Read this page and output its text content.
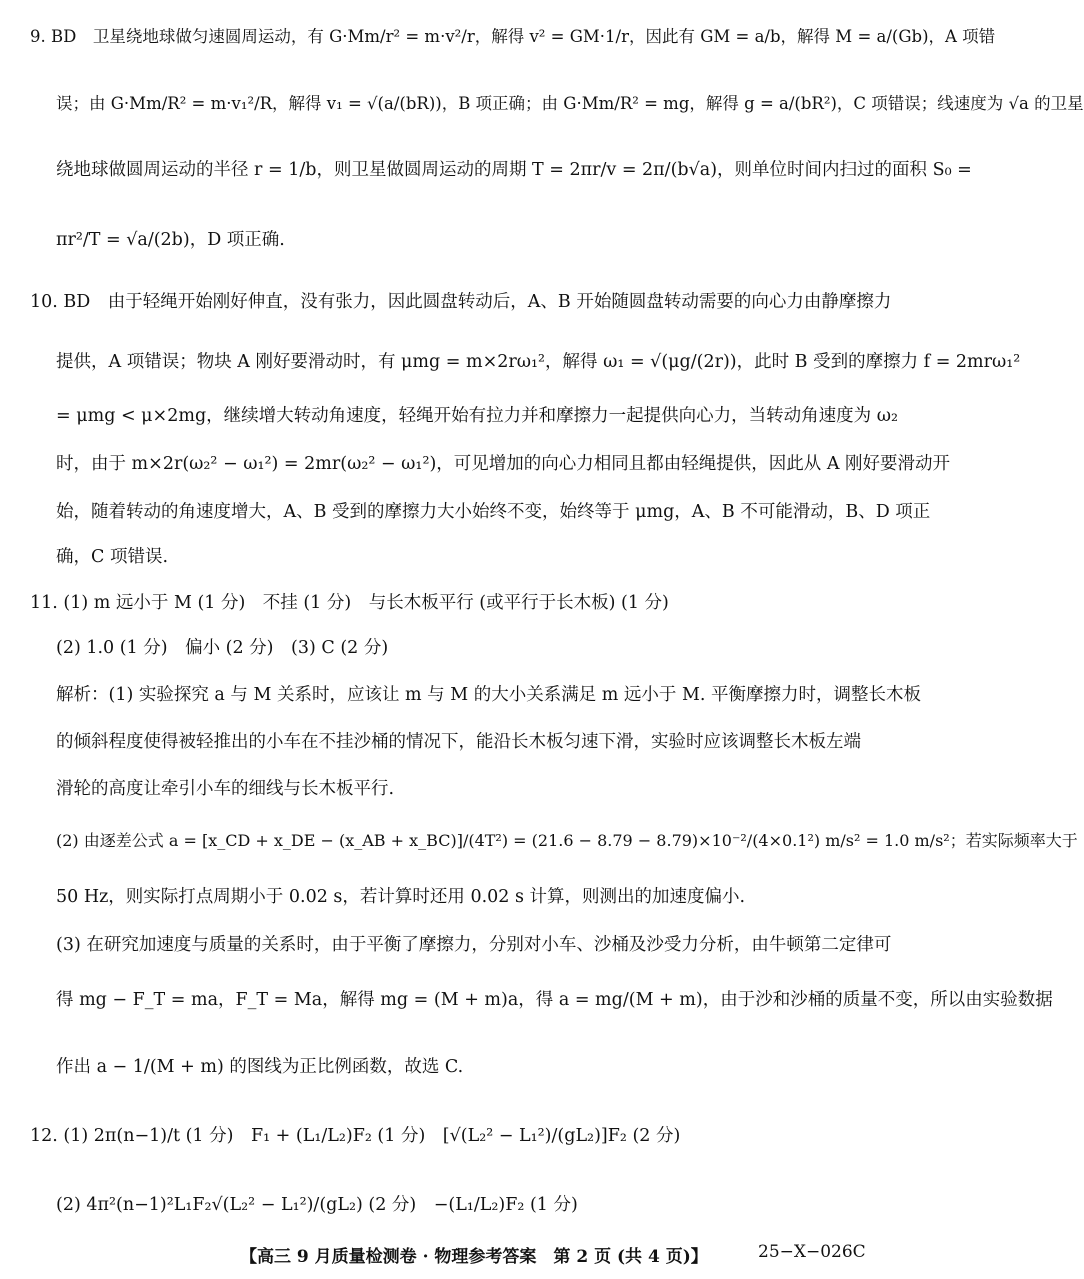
9. BD　卫星绕地球做匀速圆周运动，有 G·Mm/r² = m·v²/r，解得 v² = GM·1/r，因此有 GM = a/b，解得 M = a/(Gb)，A 项错
误；由 G·Mm/R² = m·v₁²/R，解得 v₁ = √(a/(bR))，B 项正确；由 G·Mm/R² = mg，解得 g = a/(bR²)，C 项错误；线速度为 √a 的卫星
绕地球做圆周运动的半径 r = 1/b，则卫星做圆周运动的周期 T = 2πr/v = 2π/(b√a)，则单位时间内扫过的面积 S₀ =
πr²/T = √a/(2b)，D 项正确.
10. BD　由于轻绳开始刚好伸直，没有张力，因此圆盘转动后，A、B 开始随圆盘转动需要的向心力由静摩擦力
提供，A 项错误；物块 A 刚好要滑动时，有 μmg = m×2rω₁²，解得 ω₁ = √(μg/(2r))，此时 B 受到的摩擦力 f = 2mrω₁²
= μmg < μ×2mg，继续增大转动角速度，轻绳开始有拉力并和摩擦力一起提供向心力，当转动角速度为 ω₂
时，由于 m×2r(ω₂² − ω₁²) = 2mr(ω₂² − ω₁²)，可见增加的向心力相同且都由轻绳提供，因此从 A 刚好要滑动开
始，随着转动的角速度增大，A、B 受到的摩擦力大小始终不变，始终等于 μmg，A、B 不可能滑动，B、D 项正
确，C 项错误.
11. (1) m 远小于 M (1 分)　不挂 (1 分)　与长木板平行 (或平行于长木板) (1 分)
(2) 1.0 (1 分)　偏小 (2 分)　(3) C (2 分)
解析：(1) 实验探究 a 与 M 关系时，应该让 m 与 M 的大小关系满足 m 远小于 M. 平衡摩擦力时，调整长木板
的倾斜程度使得被轻推出的小车在不挂沙桶的情况下，能沿长木板匀速下滑，实验时应该调整长木板左端
滑轮的高度让牵引小车的细线与长木板平行.
(2) 由逐差公式 a = [x_CD + x_DE − (x_AB + x_BC)]/(4T²) = (21.6 − 8.79 − 8.79)×10⁻²/(4×0.1²) m/s² = 1.0 m/s²；若实际频率大于
50 Hz，则实际打点周期小于 0.02 s，若计算时还用 0.02 s 计算，则测出的加速度偏小.
(3) 在研究加速度与质量的关系时，由于平衡了摩擦力，分别对小车、沙桶及沙受力分析，由牛顿第二定律可
得 mg − F_T = ma，F_T = Ma，解得 mg = (M + m)a，得 a = mg/(M + m)，由于沙和沙桶的质量不变，所以由实验数据
作出 a − 1/(M + m) 的图线为正比例函数，故选 C.
12. (1) 2π(n−1)/t (1 分)　F₁ + (L₁/L₂)F₂ (1 分)　[√(L₂² − L₁²)/(gL₂)]F₂ (2 分)
(2) 4π²(n−1)²L₁F₂√(L₂² − L₁²)/(gL₂) (2 分)　−(L₁/L₂)F₂ (1 分)
【高三 9 月质量检测卷 · 物理参考答案　第 2 页 (共 4 页)】	25−X−026C
